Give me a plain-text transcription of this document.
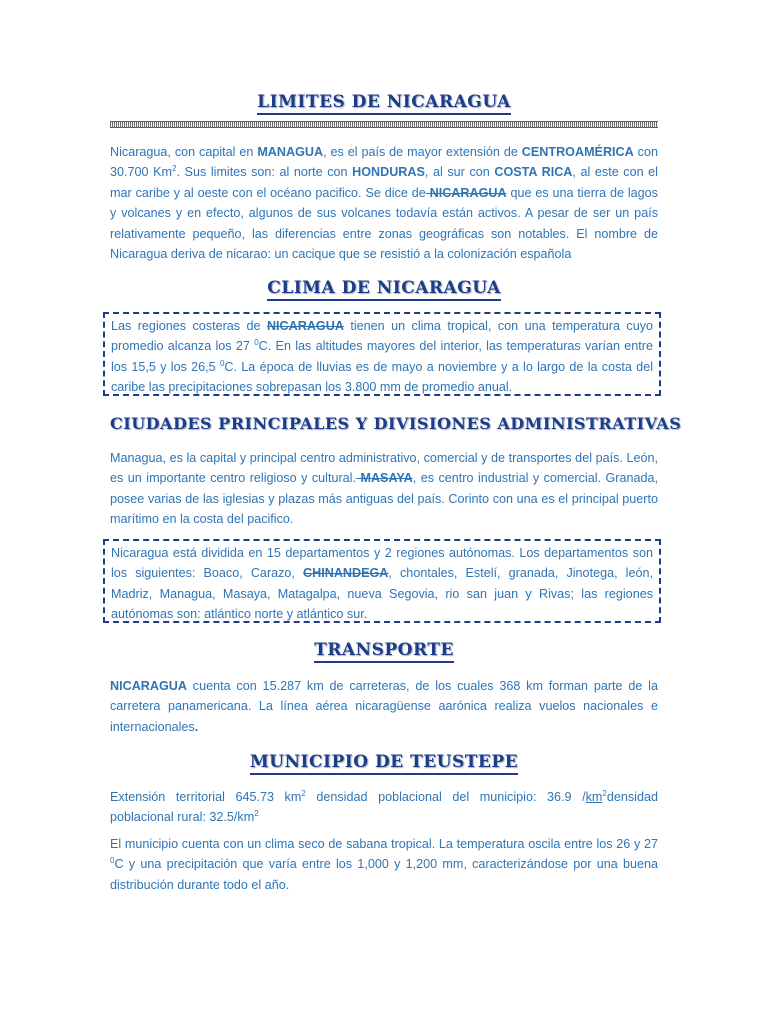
LIMITES DE NICARAGUA
Nicaragua, con capital en MANAGUA, es el país de mayor extensión de CENTROAMÉRICA con 30.700 Km$^2$. Sus limites son: al norte con HONDURAS, al sur con COSTA RICA, al este con el mar caribe y al oeste con el océano pacifico. Se dice de NICARAGUA que es una tierra de lagos y volcanes y en efecto, algunos de sus volcanes todavía están activos. A pesar de ser un país relativamente pequeño, las diferencias entre zonas geográficas son notables. El nombre de Nicaragua deriva de nicarao: un cacique que se resistió a la colonización española
CLIMA DE NICARAGUA
Las regiones costeras de NICARAGUA tienen un clima tropical, con una temperatura cuyo promedio alcanza los 27 $^0$C. En las altitudes mayores del interior, las temperaturas varían entre los 15,5 y los 26,5 $^0$C. La época de lluvias es de mayo a noviembre y a lo largo de la costa del caribe las precipitaciones sobrepasan los 3.800 mm de promedio anual.
CIUDADES PRINCIPALES Y DIVISIONES ADMINISTRATIVAS
Managua, es la capital y principal centro administrativo, comercial y de transportes del país. León, es un importante centro religioso y cultural. MASAYA, es centro industrial y comercial. Granada, posee varias de las iglesias y plazas más antiguas del país. Corinto con una es el principal puerto marítimo en la costa del pacifico.
Nicaragua está dividida en 15 departamentos y 2 regiones autónomas. Los departamentos son los siguientes: Boaco, Carazo, CHINANDEGA, chontales, Estelí, granada, Jinotega, león, Madriz, Managua, Masaya, Matagalpa, nueva Segovia, rio san juan y Rivas; las regiones autónomas son: atlántico norte y atlántico sur.
TRANSPORTE
NICARAGUA cuenta con 15.287 km de carreteras, de los cuales 368 km forman parte de la carretera panamericana. La línea aérea nicaragüense aarónica realiza vuelos nacionales e internacionales.
MUNICIPIO DE TEUSTEPE
Extensión territorial 645.73 $km^2$ densidad poblacional del municipio: 36.9 $/km^2densidad$ poblacional rural: $32.5/km^2$
El municipio cuenta con un clima seco de sabana tropical. La temperatura oscila entre los 26 y 27 $^0$C y una precipitación que varía entre los 1,000 y 1,200 mm, caracterizándose por una buena distribución durante todo el año.
